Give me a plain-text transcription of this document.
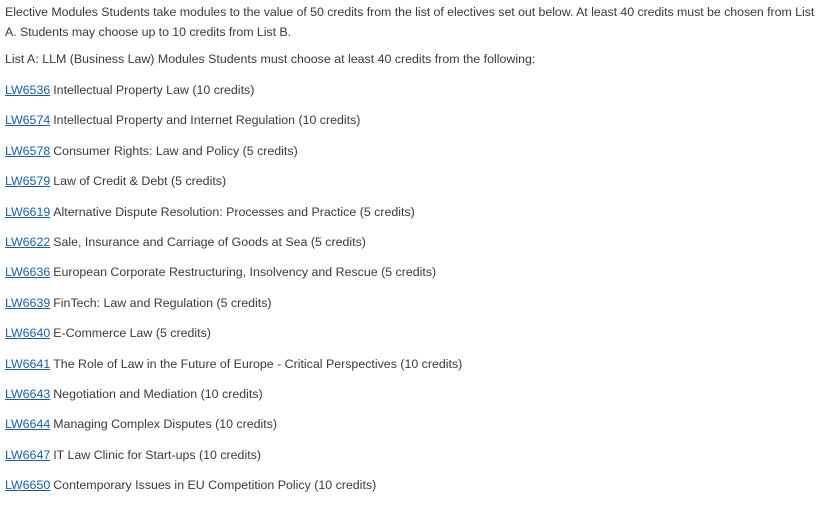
Elective Modules Students take modules to the value of 50 credits from the list of electives set out below. At least 40 credits must be chosen from List A. Students may choose up to 10 credits from List B.

List A: LLM (Business Law) Modules Students must choose at least 40 credits from the following:

LW6536 Intellectual Property Law (10 credits)
LW6574 Intellectual Property and Internet Regulation (10 credits)
LW6578 Consumer Rights: Law and Policy (5 credits)
LW6579 Law of Credit & Debt (5 credits)
LW6619 Alternative Dispute Resolution: Processes and Practice (5 credits)
LW6622 Sale, Insurance and Carriage of Goods at Sea (5 credits)
LW6636 European Corporate Restructuring, Insolvency and Rescue (5 credits)
LW6639 FinTech: Law and Regulation (5 credits)
LW6640 E-Commerce Law (5 credits)
LW6641 The Role of Law in the Future of Europe - Critical Perspectives (10 credits)
LW6643 Negotiation and Mediation (10 credits)
LW6644 Managing Complex Disputes (10 credits)
LW6647 IT Law Clinic for Start-ups (10 credits)
LW6650 Contemporary Issues in EU Competition Policy (10 credits)
